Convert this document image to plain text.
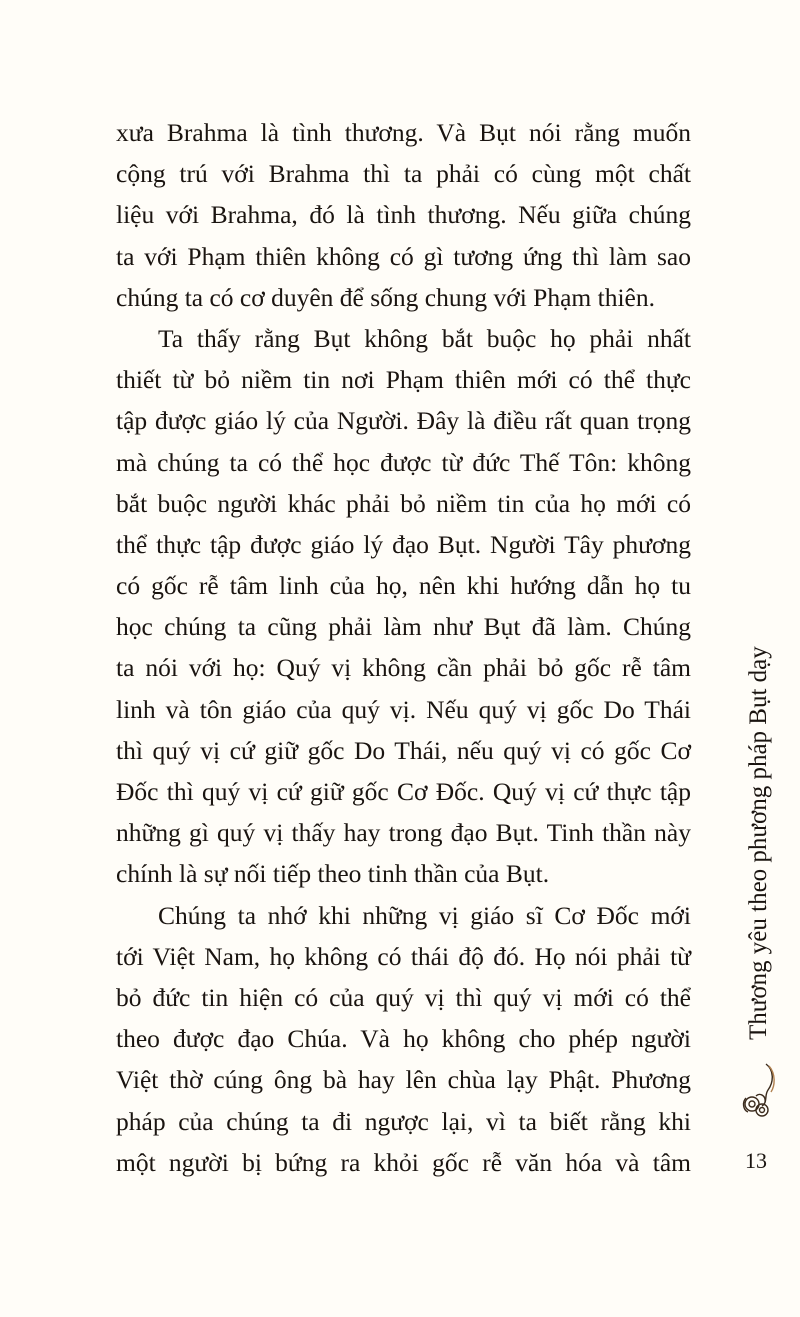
xưa Brahma là tình thương. Và Bụt nói rằng muốn
cộng trú với Brahma thì ta phải có cùng một chất
liệu với Brahma, đó là tình thương. Nếu giữa chúng
ta với Phạm thiên không có gì tương ứng thì làm sao
chúng ta có cơ duyên để sống chung với Phạm thiên.
Ta thấy rằng Bụt không bắt buộc họ phải nhất
thiết từ bỏ niềm tin nơi Phạm thiên mới có thể thực
tập được giáo lý của Người. Đây là điều rất quan trọng
mà chúng ta có thể học được từ đức Thế Tôn: không
bắt buộc người khác phải bỏ niềm tin của họ mới có
thể thực tập được giáo lý đạo Bụt. Người Tây phương
có gốc rễ tâm linh của họ, nên khi hướng dẫn họ tu
học chúng ta cũng phải làm như Bụt đã làm. Chúng
ta nói với họ: Quý vị không cần phải bỏ gốc rễ tâm
linh và tôn giáo của quý vị. Nếu quý vị gốc Do Thái
thì quý vị cứ giữ gốc Do Thái, nếu quý vị có gốc Cơ
Đốc thì quý vị cứ giữ gốc Cơ Đốc. Quý vị cứ thực tập
những gì quý vị thấy hay trong đạo Bụt. Tinh thần này
chính là sự nối tiếp theo tinh thần của Bụt.
Chúng ta nhớ khi những vị giáo sĩ Cơ Đốc mới
tới Việt Nam, họ không có thái độ đó. Họ nói phải từ
bỏ đức tin hiện có của quý vị thì quý vị mới có thể
theo được đạo Chúa. Và họ không cho phép người
Việt thờ cúng ông bà hay lên chùa lạy Phật. Phương
pháp của chúng ta đi ngược lại, vì ta biết rằng khi
một người bị bứng ra khỏi gốc rễ văn hóa và tâm
Thương yêu theo phương pháp Bụt dạy
13
